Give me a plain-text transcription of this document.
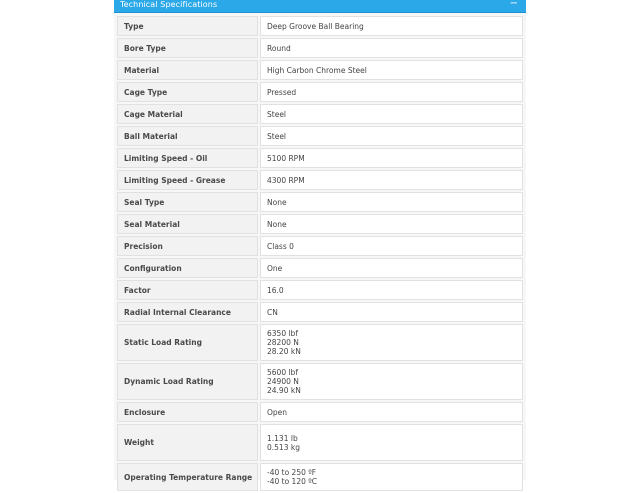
Technical Specifications	−
Type	Deep Groove Ball Bearing
Bore Type	Round
Material	High Carbon Chrome Steel
Cage Type	Pressed
Cage Material	Steel
Ball Material	Steel
Limiting Speed - Oil	5100 RPM
Limiting Speed - Grease	4300 RPM
Seal Type	None
Seal Material	None
Precision	Class 0
Configuration	One
Factor	16.0
Radial Internal Clearance	CN
Static Load Rating	6350 lbf
28200 N
28.20 kN

Dynamic Load Rating	5600 lbf
24900 N
24.90 kN

Enclosure	Open
Weight	1.131 lb
0.513 kg

Operating Temperature Range	-40 to 250 ºF
-40 to 120 ºC
